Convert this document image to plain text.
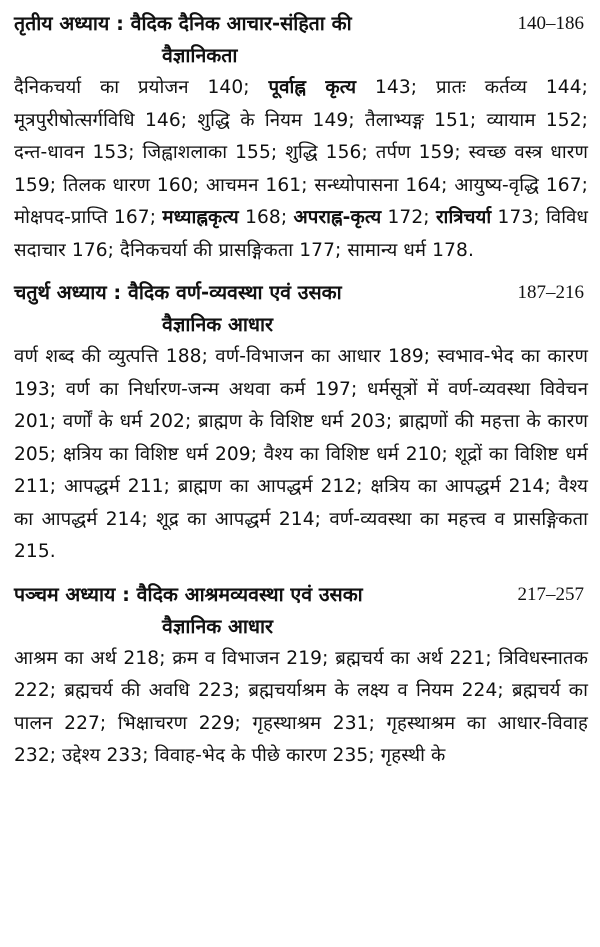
तृतीय अध्याय : वैदिक दैनिक आचार-संहिता की
वैज्ञानिकता
140–186
दैनिकचर्या का प्रयोजन 140; पूर्वाह्न कृत्य 143; प्रातः कर्तव्य 144; मूत्रपुरीषोत्सर्गविधि 146; शुद्धि के नियम 149; तैलाभ्यङ्ग 151; व्यायाम 152; दन्त-धावन 153; जिह्वाशलाका 155; शुद्धि 156; तर्पण 159; स्वच्छ वस्त्र धारण 159; तिलक धारण 160; आचमन 161; सन्ध्योपासना 164; आयुष्य-वृद्धि 167; मोक्षपद-प्राप्ति 167; मध्याह्नकृत्य 168; अपराह्न-कृत्य 172; रात्रिचर्या 173; विविध सदाचार 176; दैनिकचर्या की प्रासङ्गिकता 177; सामान्य धर्म 178.
चतुर्थ अध्याय : वैदिक वर्ण-व्यवस्था एवं उसका
वैज्ञानिक आधार
187–216
वर्ण शब्द की व्युत्पत्ति 188; वर्ण-विभाजन का आधार 189; स्वभाव-भेद का कारण 193; वर्ण का निर्धारण-जन्म अथवा कर्म 197; धर्मसूत्रों में वर्ण-व्यवस्था विवेचन 201; वर्णों के धर्म 202; ब्राह्मण के विशिष्ट धर्म 203; ब्राह्मणों की महत्ता के कारण 205; क्षत्रिय का विशिष्ट धर्म 209; वैश्य का विशिष्ट धर्म 210; शूद्रों का विशिष्ट धर्म 211; आपद्धर्म 211; ब्राह्मण का आपद्धर्म 212; क्षत्रिय का आपद्धर्म 214; वैश्य का आपद्धर्म 214; शूद्र का आपद्धर्म 214; वर्ण-व्यवस्था का महत्त्व व प्रासङ्गिकता 215.
पञ्चम अध्याय : वैदिक आश्रमव्यवस्था एवं उसका
वैज्ञानिक आधार
217–257
आश्रम का अर्थ 218; क्रम व विभाजन 219; ब्रह्मचर्य का अर्थ 221; त्रिविधस्नातक 222; ब्रह्मचर्य की अवधि 223; ब्रह्मचर्याश्रम के लक्ष्य व नियम 224; ब्रह्मचर्य का पालन 227; भिक्षाचरण 229; गृहस्थाश्रम 231; गृहस्थाश्रम का आधार-विवाह 232; उद्देश्य 233; विवाह-भेद के पीछे कारण 235; गृहस्थी के
